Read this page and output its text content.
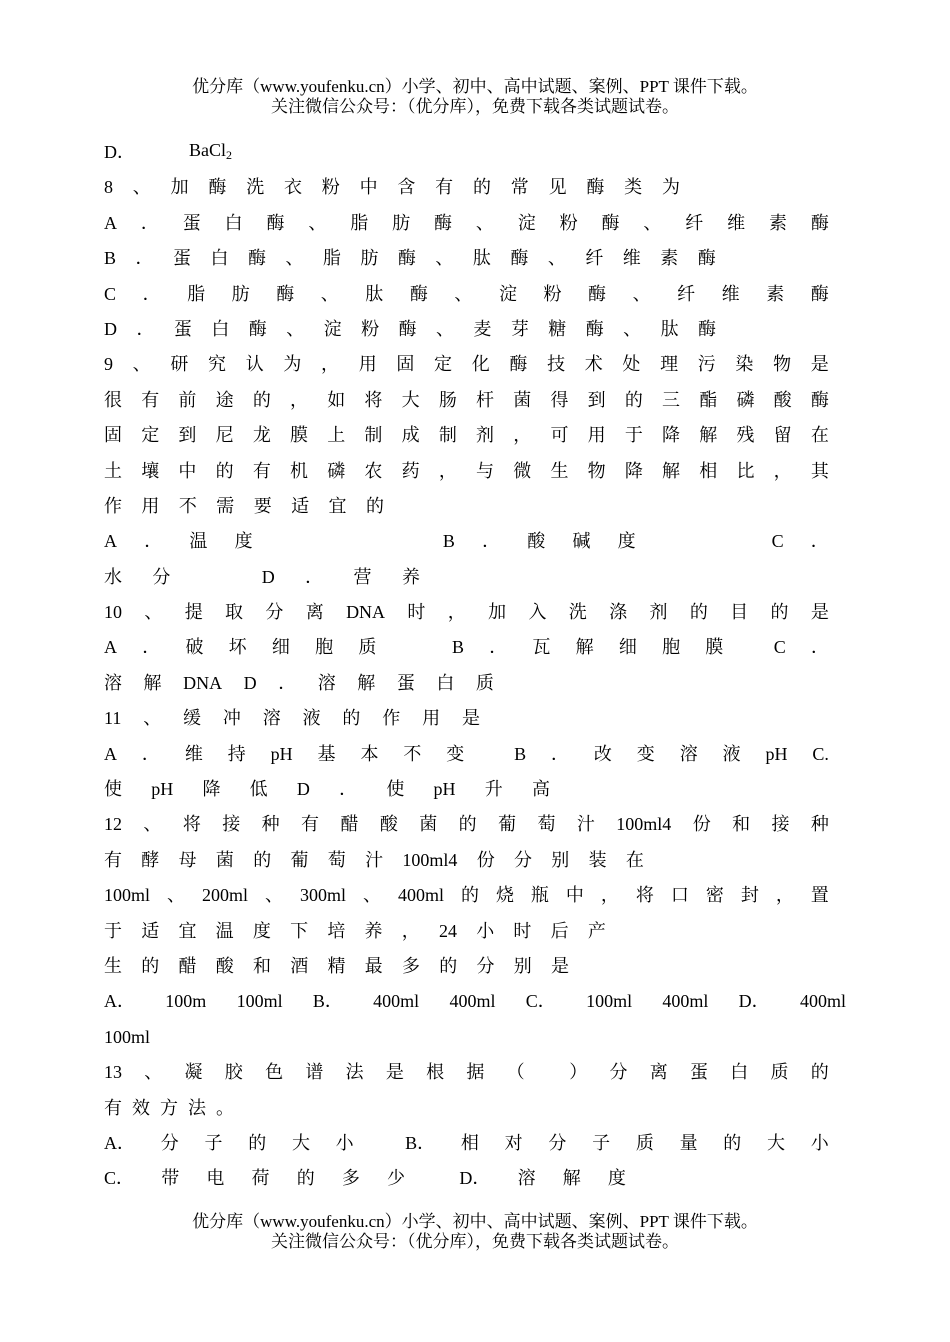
优分库（www.youfenku.cn）小学、初中、高中试题、案例、PPT 课件下载。
关注微信公众号：（优分库），免费下载各类试题试卷。
D．	BaCl$_2$
8 、 加 酶 洗 衣 粉 中 含 有 的 常 见 酶 类 为
A ． 蛋 白 酶 、 脂 肪 酶 、 淀 粉 酶 、 纤 维 素 酶
B ． 蛋 白 酶 、 脂 肪 酶 、 肽 酶 、 纤 维 素 酶
C ． 脂 肪 酶 、 肽 酶 、 淀 粉 酶 、 纤 维 素 酶
D ． 蛋 白 酶 、 淀 粉 酶 、 麦 芽 糖 酶 、 肽 酶
9 、 研 究 认 为 ， 用 固 定 化 酶 技 术 处 理 污 染 物 是
很 有 前 途 的 ， 如 将 大 肠 杆 菌 得 到 的 三 酯 磷 酸 酶
固 定 到 尼 龙 膜 上 制 成 制 剂 ， 可 用 于 降 解 残 留 在
土 壤 中 的 有 机 磷 农 药 ， 与 微 生 物 降 解 相 比 ， 其
作 用 不 需 要 适 宜 的
A ． 温 度	B ． 酸 碱 度	C ．
水 分	D ． 营 养
10 、 提 取 分 离 DNA 时 ， 加 入 洗 涤 剂 的 目 的 是
A ． 破 坏 细 胞 质	B ． 瓦 解 细 胞 膜	C ．
溶 解 DNA D ． 溶 解 蛋 白 质
11 、 缓 冲 溶 液 的 作 用 是
A ． 维 持 pH 基 本 不 变	B ． 改 变 溶 液 pH C.
使 pH 降 低 D ． 使 pH 升 高
12 、 将 接 种 有 醋 酸 菌 的 葡 萄 汁 100ml4 份 和 接 种
有 酵 母 菌 的 葡 萄 汁 100ml4 份 分 别 装 在
100ml 、 200ml 、 300ml 、 400ml 的 烧 瓶 中 ， 将 口 密 封 ， 置
于 适 宜 温 度 下 培 养 ， 24 小 时 后 产
生 的 醋 酸 和 酒 精 最 多 的 分 别 是
A． 100m 100ml B． 400ml 400ml C． 100ml 400ml D． 400ml
100ml
13 、 凝 胶 色 谱 法 是 根 据 （ ） 分 离 蛋 白 质 的
有 效 方 法 。
A． 分 子 的 大 小	B． 相 对 分 子 质 量 的 大 小
C． 带 电 荷 的 多 少	D． 溶 解 度
优分库（www.youfenku.cn）小学、初中、高中试题、案例、PPT 课件下载。
关注微信公众号：（优分库），免费下载各类试题试卷。
